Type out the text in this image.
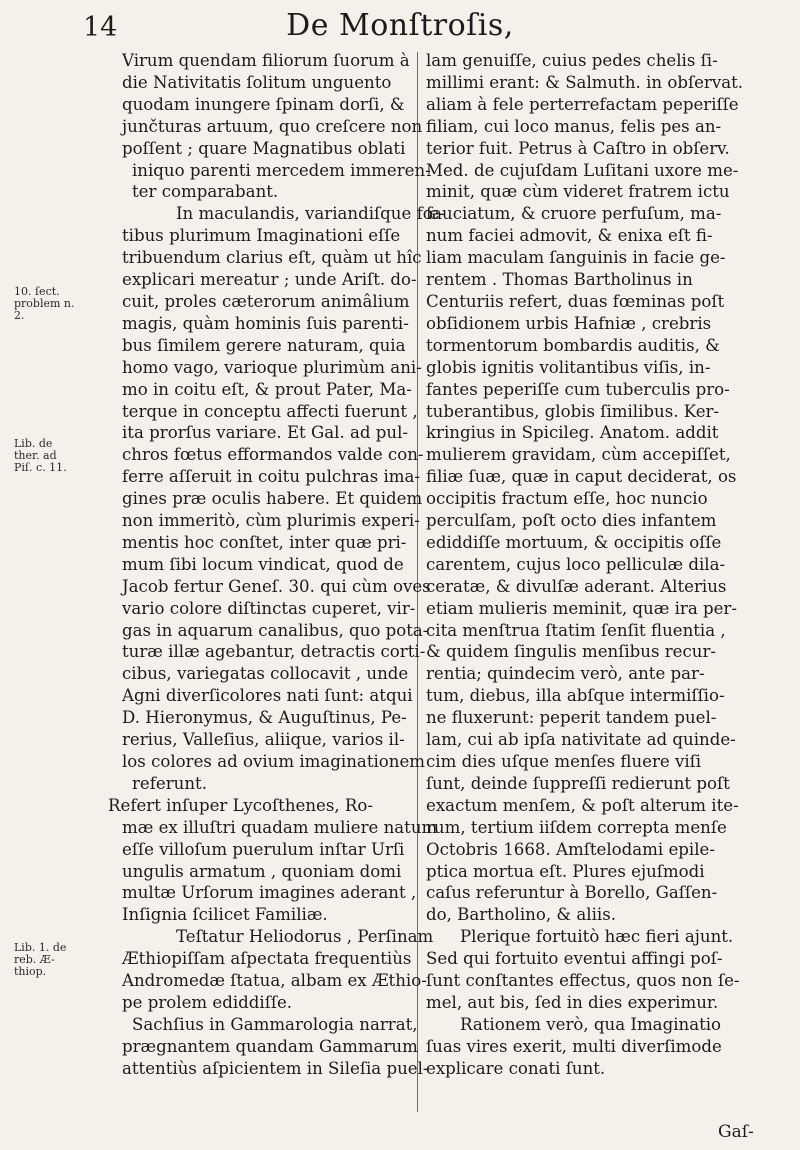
14	De Monſtroſis,
10. ſect. problem n. 2.
Lib. de ther. ad Piſ. c. 11.
Lib. 1. de reb. Æ-thiop.

Virum quendam filiorum ſuorum à

die Nativitatis ſolitum unguento

quodam inungere ſpinam dorſi, &

junčturas artuum, quo creſcere non

poſſent ; quare Magnatibus oblati

iniquo parenti mercedem immeren-

ter comparabant.

In maculandis, variandiſque fœ-

tibus plurimum Imaginationi eſſe

tribuendum clarius eſt, quàm ut hîc

explicari mereatur ; unde Ariſt. do-

cuit, proles cæterorum animâlium

magis, quàm hominis ſuis parenti-

bus ſimilem gerere naturam, quia

homo vago, varioque plurimùm ani-

mo in coitu eſt, & prout Pater, Ma-

terque in conceptu affecti fuerunt ,

ita prorſus variare. Et Gal. ad pul-

chros fœtus efformandos valde con-

ferre aſſeruit in coitu pulchras ima-

gines præ oculis habere. Et quidem

non immeritò, cùm plurimis experi-

mentis hoc conſtet, inter quæ pri-

mum ſibi locum vindicat, quod de

Jacob fertur Geneſ. 30. qui cùm oves

vario colore diſtinctas cuperet, vir-

gas in aquarum canalibus, quo pota-

turæ illæ agebantur, detractis corti-

cibus, variegatas collocavit , unde

Agni diverſicolores nati ſunt: atqui

D. Hieronymus, & Auguſtinus, Pe-

rerius, Valleſius, aliique, varios il-

los colores ad ovium imaginationem

referunt.

Refert inſuper Lycoſthenes, Ro-

mæ ex illuſtri quadam muliere natum

eſſe villoſum puerulum inſtar Urſi

ungulis armatum , quoniam domi

multæ Urſorum imagines aderant ,

Inſignia ſcilicet Familiæ.

Teſtatur Heliodorus , Perſinam

Æthiopiſſam aſpectata frequentiùs

Andromedæ ſtatua, albam ex Æthio-

pe prolem ediddiſſe.

Sachſius in Gammarologia narrat,

prægnantem quandam Gammarum

attentiùs aſpicientem in Sileſia puel-

lam genuiſſe, cuius pedes chelis ſi-

millimi erant: & Salmuth. in obſervat.

aliam à fele perterrefactam peperiſſe

filiam, cui loco manus, felis pes an-

terior fuit. Petrus à Caſtro in obſerv.

Med. de cujuſdam Luſitani uxore me-

minit, quæ cùm videret fratrem ictu

ſauciatum, & cruore perfuſum, ma-

num faciei admovit, & enixa eſt fi-

liam maculam ſanguinis in facie ge-

rentem . Thomas Bartholinus in

Centuriis refert, duas fœminas poſt

obſidionem urbis Hafniæ , crebris

tormentorum bombardis auditis, &

globis ignitis volitantibus viſis, in-

fantes peperiſſe cum tuberculis pro-

tuberantibus, globis ſimilibus. Ker-

kringius in Spicileg. Anatom. addit

mulierem gravidam, cùm accepiſſet,

filiæ ſuæ, quæ in caput deciderat, os

occipitis fractum eſſe, hoc nuncio

perculſam, poſt octo dies infantem

ediddiſſe mortuum, & occipitis oſſe

carentem, cujus loco pelliculæ dila-

ceratæ, & divulſæ aderant. Alterius

etiam mulieris meminit, quæ ira per-

cita menſtrua ſtatim ſenſit fluentia ,

& quidem ſingulis menſibus recur-

rentia; quindecim verò, ante par-

tum, diebus, illa abſque intermiſſio-

ne fluxerunt: peperit tandem puel-

lam, cui ab ipſa nativitate ad quinde-

cim dies uſque menſes fluere viſi

ſunt, deinde ſuppreſſi redierunt poſt

exactum menſem, & poſt alterum ite-

rum, tertium iiſdem correpta menſe

Octobris 1668. Amſtelodami epile-

ptica mortua eſt. Plures ejuſmodi

caſus referuntur à Borello, Gaſſen-

do, Bartholino, & aliis.

Plerique fortuitò hæc fieri ajunt.

Sed qui fortuito eventui affingi poſ-

ſunt conſtantes effectus, quos non ſe-

mel, aut bis, ſed in dies experimur.

Rationem verò, qua Imaginatio

ſuas vires exerit, multi diverſimode

explicare conati ſunt.

Gaſ-
